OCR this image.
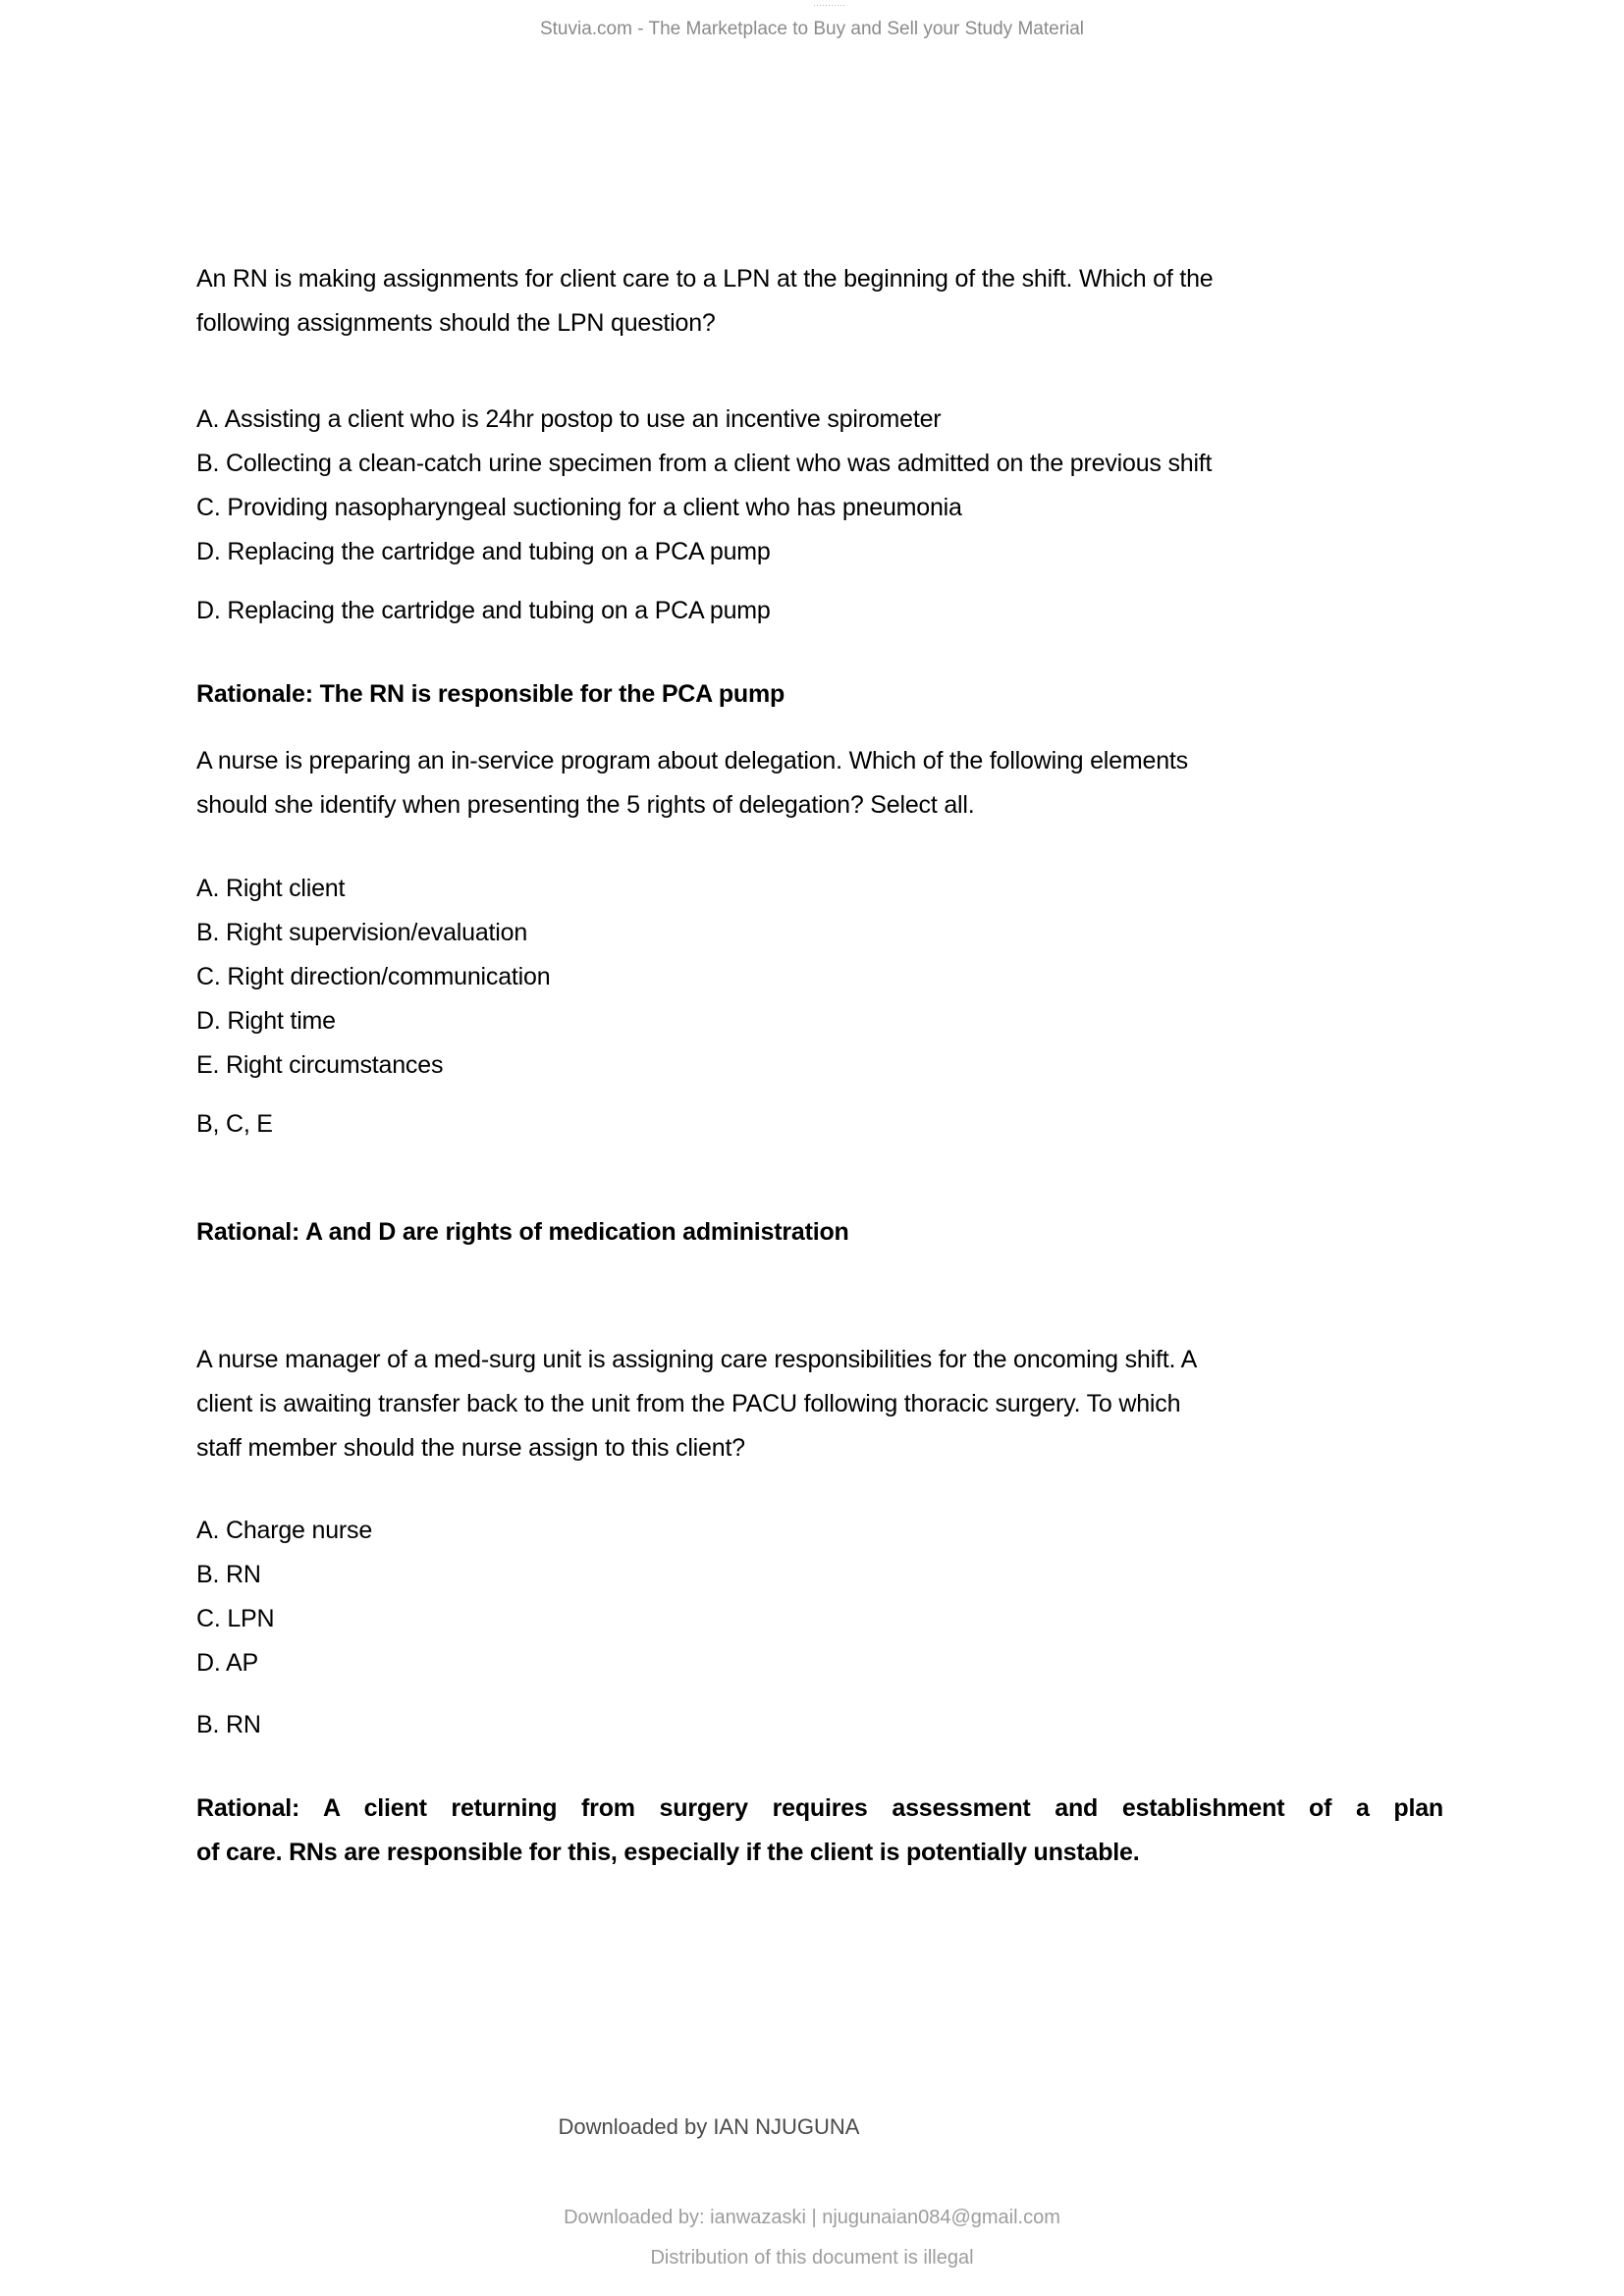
···········
Stuvia.com - The Marketplace to Buy and Sell your Study Material
An RN is making assignments for client care to a LPN at the beginning of the shift. Which of the
following assignments should the LPN question?
A. Assisting a client who is 24hr postop to use an incentive spirometer
B. Collecting a clean-catch urine specimen from a client who was admitted on the previous shift
C. Providing nasopharyngeal suctioning for a client who has pneumonia
D. Replacing the cartridge and tubing on a PCA pump
D. Replacing the cartridge and tubing on a PCA pump
Rationale: The RN is responsible for the PCA pump
A nurse is preparing an in-service program about delegation. Which of the following elements
should she identify when presenting the 5 rights of delegation? Select all.
A. Right client
B. Right supervision/evaluation
C. Right direction/communication
D. Right time
E. Right circumstances
B, C, E
Rational: A and D are rights of medication administration
A nurse manager of a med-surg unit is assigning care responsibilities for the oncoming shift. A
client is awaiting transfer back to the unit from the PACU following thoracic surgery. To which
staff member should the nurse assign to this client?
A. Charge nurse
B. RN
C. LPN
D. AP
B. RN
Rational: A client returning from surgery requires assessment and establishment of a plan
of care. RNs are responsible for this, especially if the client is potentially unstable.
Downloaded by IAN NJUGUNA
Downloaded by: ianwazaski | njugunaian084@gmail.com
Distribution of this document is illegal
